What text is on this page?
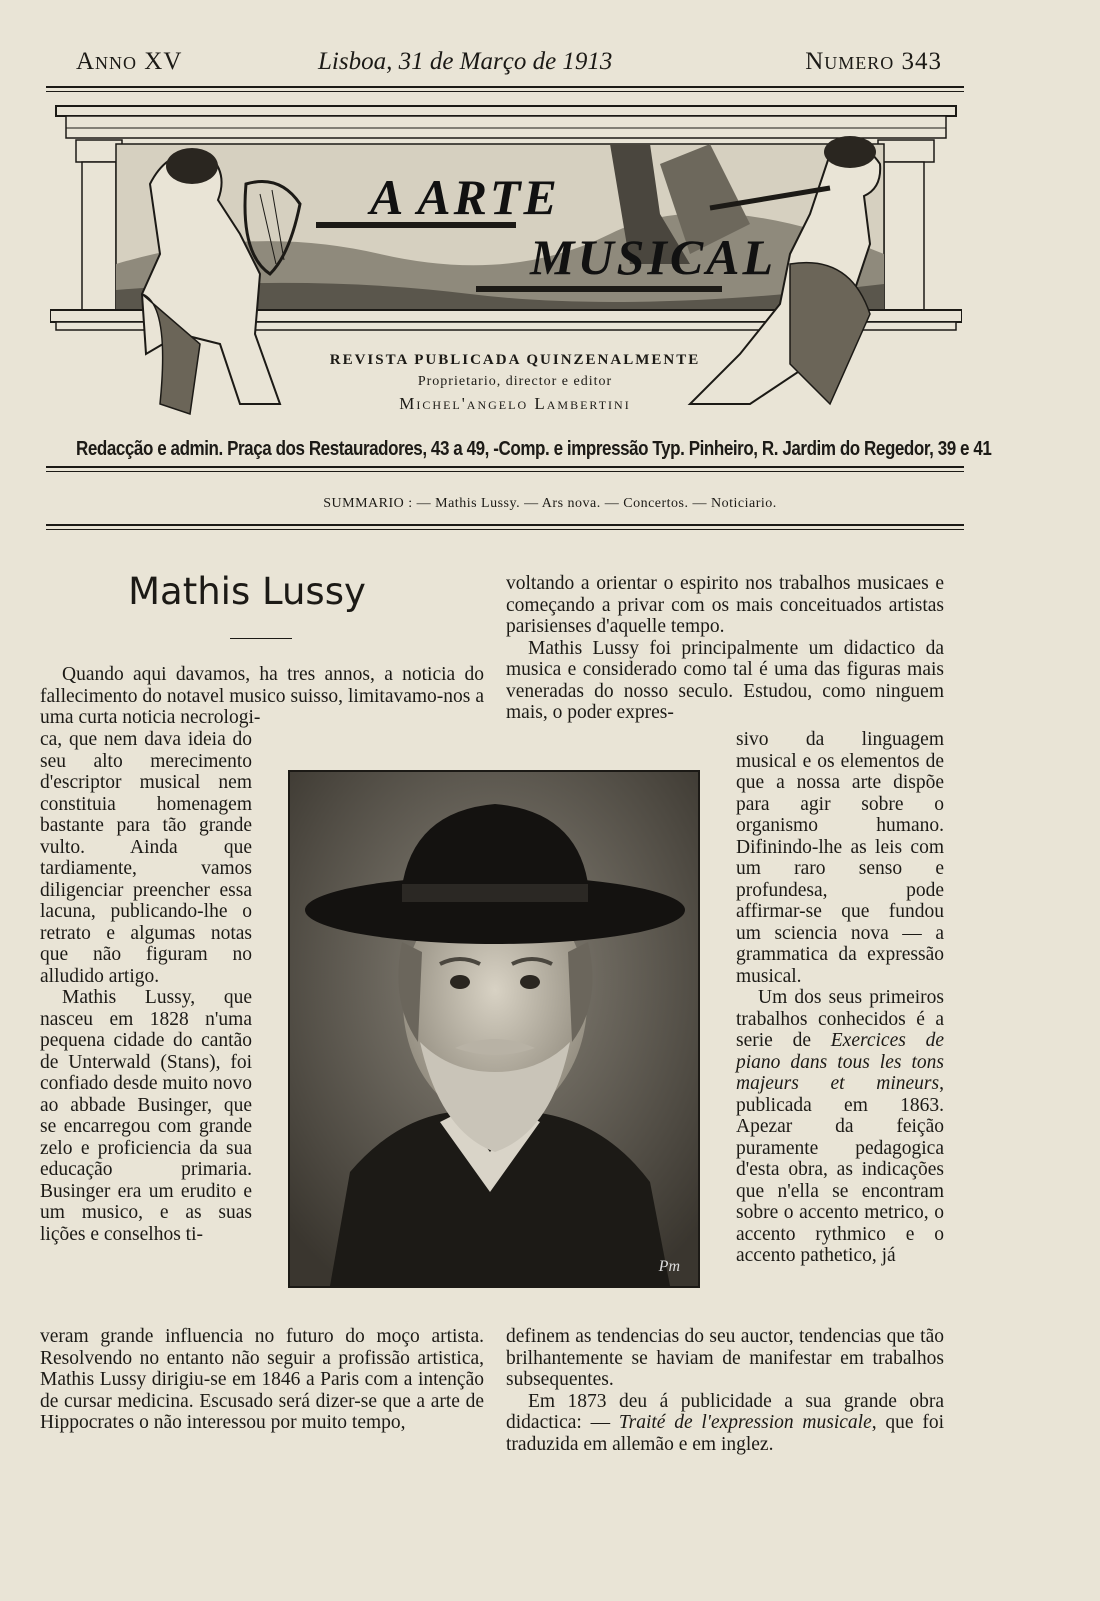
Anno XV	Lisboa, 31 de Março de 1913	Numero 343
A ARTE
MUSICAL
REVISTA PUBLICADA QUINZENALMENTE
Proprietario, director e editor
Michel'angelo Lambertini
Redacção e admin. Praça dos Restauradores, 43 a 49, -Comp. e impressão Typ. Pinheiro, R. Jardim do Regedor, 39 e 41
SUMMARIO : — Mathis Lussy. — Ars nova. — Concertos. — Noticiario.
Mathis Lussy

Quando aqui davamos, ha tres annos, a noticia do fallecimento do notavel musico suisso, limitavamo-nos a uma curta noticia necrologi-

ca, que nem dava ideia do seu alto merecimento d'escriptor musical nem constituia homenagem bastante para tão grande vulto. Ainda que tardiamente, vamos diligenciar preencher essa lacuna, publicando-lhe o retrato e algumas notas que não figuram no alludido artigo.

Mathis Lussy, que nasceu em 1828 n'uma pequena cidade do cantão de Unterwald (Stans), foi confiado desde muito novo ao abbade Businger, que se encarregou com grande zelo e proficiencia da sua educação primaria. Businger era um erudito e um musico, e as suas lições e conselhos ti-

veram grande influencia no futuro do moço artista. Resolvendo no entanto não seguir a profissão artistica, Mathis Lussy dirigiu-se em 1846 a Paris com a intenção de cursar medicina. Escusado será dizer-se que a arte de Hippocrates o não interessou por muito tempo,

voltando a orientar o espirito nos trabalhos musicaes e começando a privar com os mais conceituados artistas parisienses d'aquelle tempo.

Mathis Lussy foi principalmente um didactico da musica e considerado como tal é uma das figuras mais veneradas do nosso seculo. Estudou, como ninguem mais, o poder expres-

sivo da linguagem musical e os elementos de que a nossa arte dispõe para agir sobre o organismo humano. Difinindo-lhe as leis com um raro senso e profundesa, pode affirmar-se que fundou um sciencia nova — a grammatica da expressão musical.

Um dos seus primeiros trabalhos conhecidos é a serie de Exercices de piano dans tous les tons majeurs et mineurs, publicada em 1863. Apezar da feição puramente pedagogica d'esta obra, as indicações que n'ella se encontram sobre o accento metrico, o accento rythmico e o accento pathetico, já

definem as tendencias do seu auctor, tendencias que tão brilhantemente se haviam de manifestar em trabalhos subsequentes.

Em 1873 deu á publicidade a sua grande obra didactica: — Traité de l'expression musicale, que foi traduzida em allemão e em inglez.

Pm
